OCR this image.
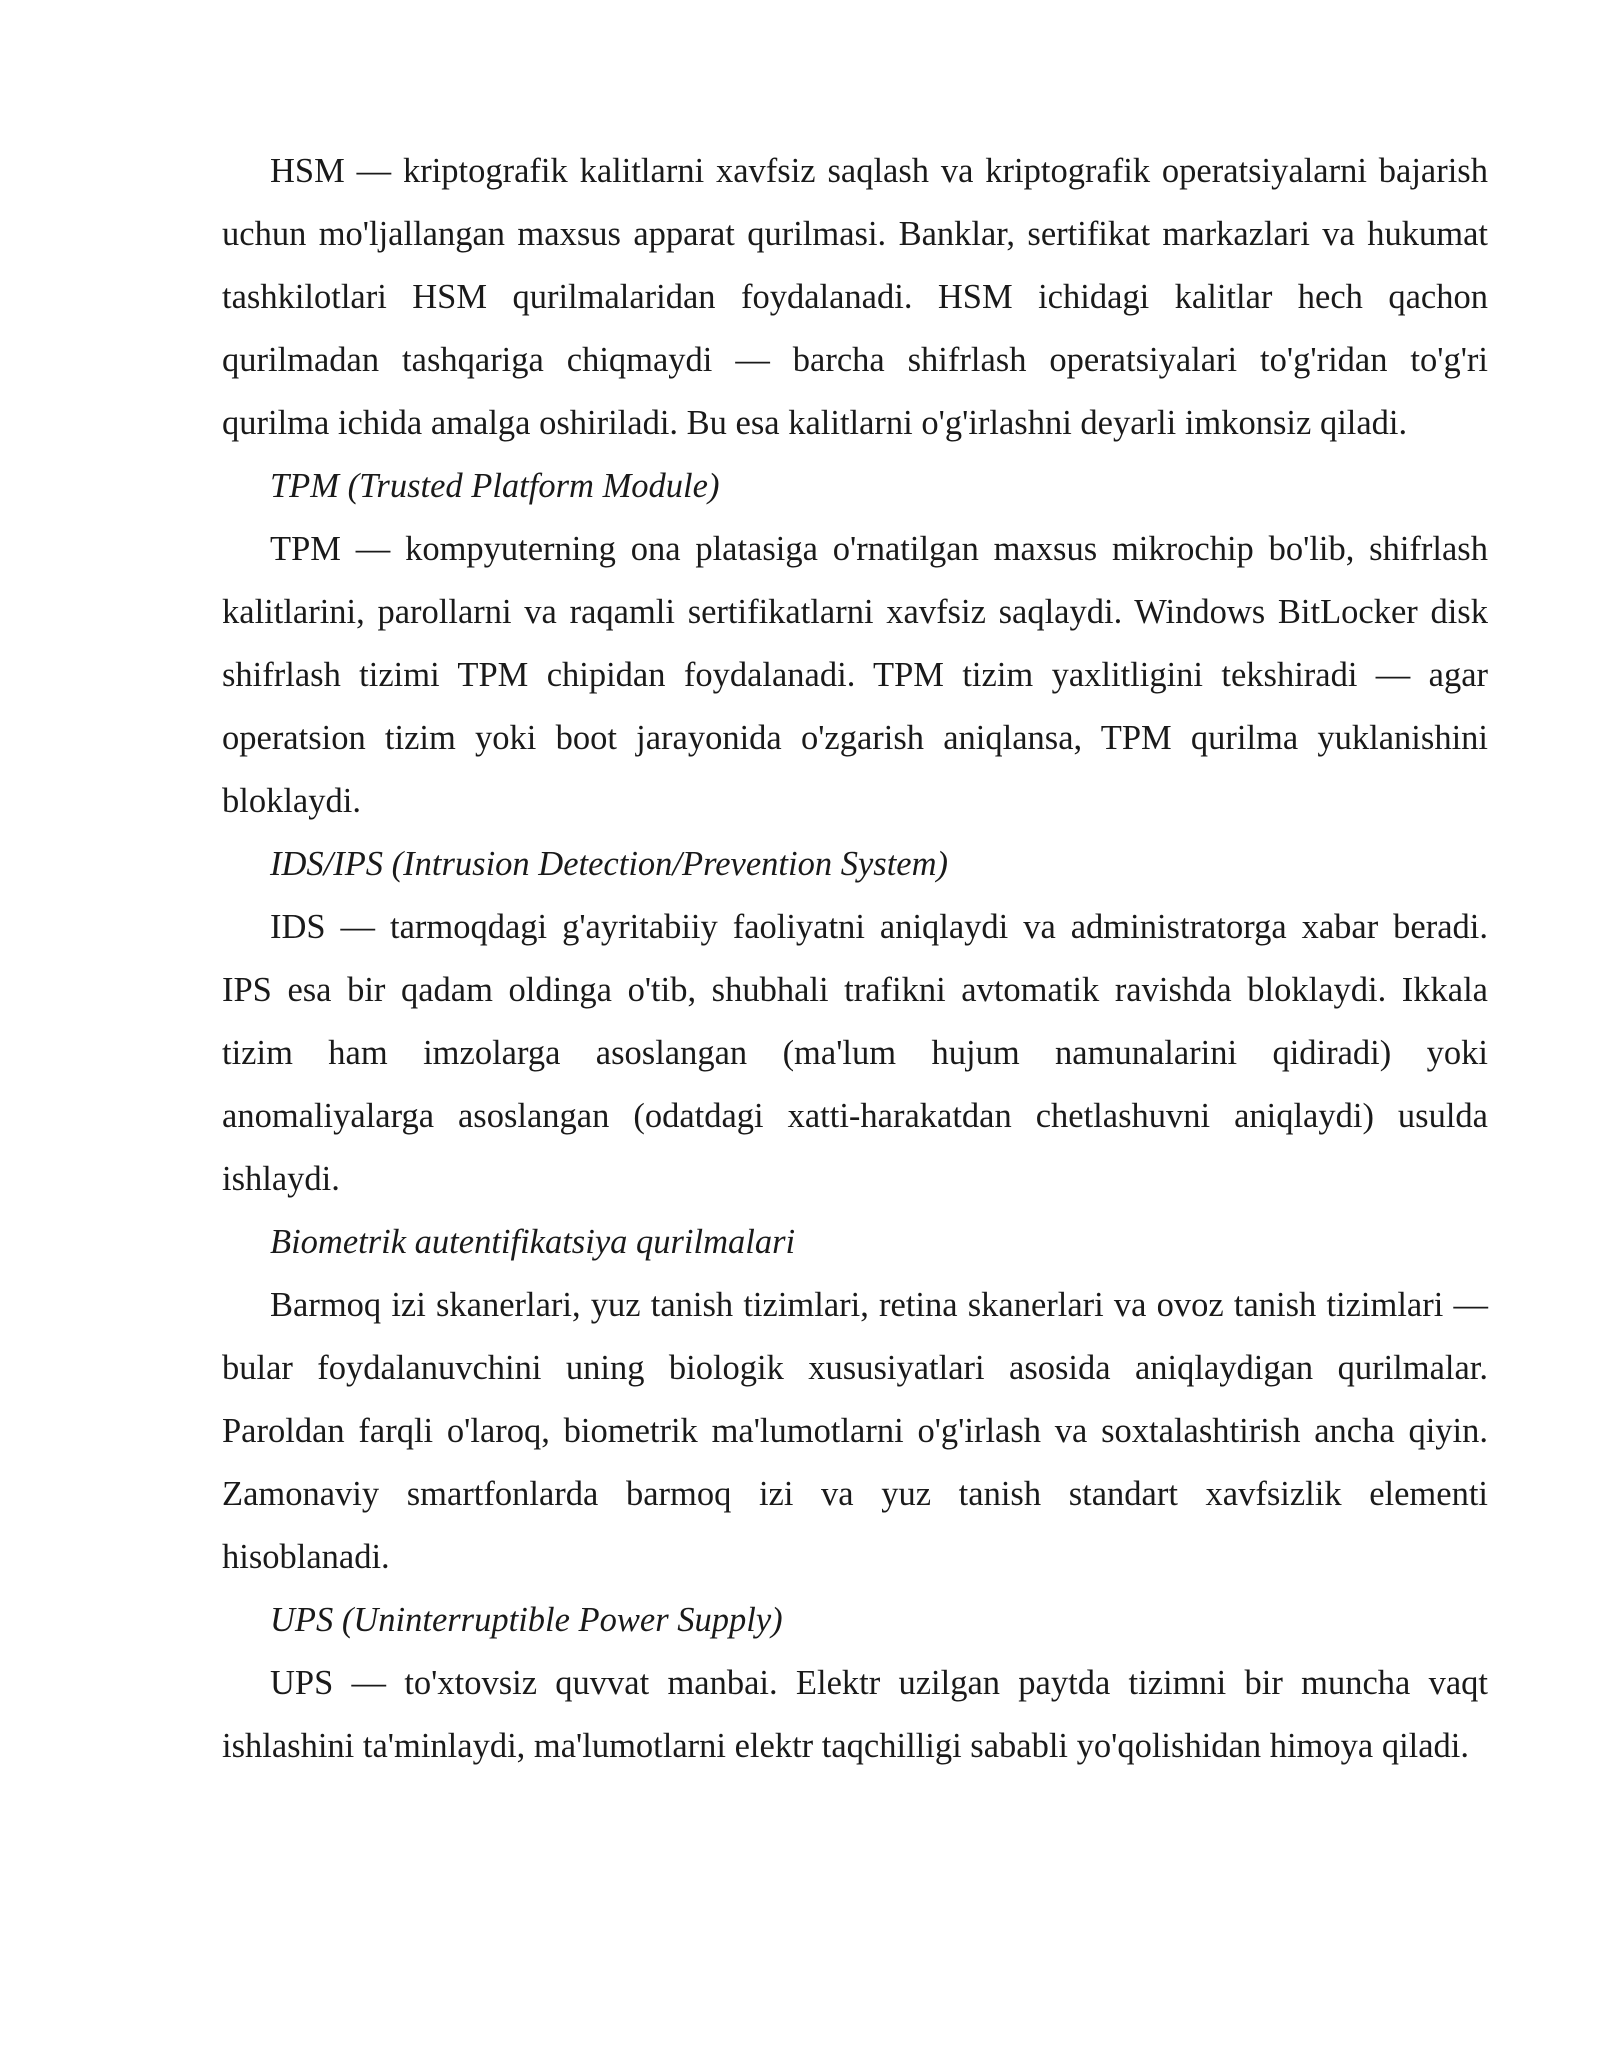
HSM — kriptografik kalitlarni xavfsiz saqlash va kriptografik operatsiyalarni bajarish uchun mo'ljallangan maxsus apparat qurilmasi. Banklar, sertifikat markazlari va hukumat tashkilotlari HSM qurilmalaridan foydalanadi. HSM ichidagi kalitlar hech qachon qurilmadan tashqariga chiqmaydi — barcha shifrlash operatsiyalari to'g'ridan to'g'ri qurilma ichida amalga oshiriladi. Bu esa kalitlarni o'g'irlashni deyarli imkonsiz qiladi.

TPM (Trusted Platform Module)

TPM — kompyuterning ona platasiga o'rnatilgan maxsus mikrochip bo'lib, shifrlash kalitlarini, parollarni va raqamli sertifikatlarni xavfsiz saqlaydi. Windows BitLocker disk shifrlash tizimi TPM chipidan foydalanadi. TPM tizim yaxlitligini tekshiradi — agar operatsion tizim yoki boot jarayonida o'zgarish aniqlansa, TPM qurilma yuklanishini bloklaydi.

IDS/IPS (Intrusion Detection/Prevention System)

IDS — tarmoqdagi g'ayritabiiy faoliyatni aniqlaydi va administratorga xabar beradi. IPS esa bir qadam oldinga o'tib, shubhali trafikni avtomatik ravishda bloklaydi. Ikkala tizim ham imzolarga asoslangan (ma'lum hujum namunalarini qidiradi) yoki anomaliyalarga asoslangan (odatdagi xatti-harakatdan chetlashuvni aniqlaydi) usulda ishlaydi.

Biometrik autentifikatsiya qurilmalari

Barmoq izi skanerlari, yuz tanish tizimlari, retina skanerlari va ovoz tanish tizimlari — bular foydalanuvchini uning biologik xususiyatlari asosida aniqlaydigan qurilmalar. Paroldan farqli o'laroq, biometrik ma'lumotlarni o'g'irlash va soxtalashtirish ancha qiyin. Zamonaviy smartfonlarda barmoq izi va yuz tanish standart xavfsizlik elementi hisoblanadi.

UPS (Uninterruptible Power Supply)

UPS — to'xtovsiz quvvat manbai. Elektr uzilgan paytda tizimni bir muncha vaqt ishlashini ta'minlaydi, ma'lumotlarni elektr taqchilligi sababli yo'qolishidan himoya qiladi.
